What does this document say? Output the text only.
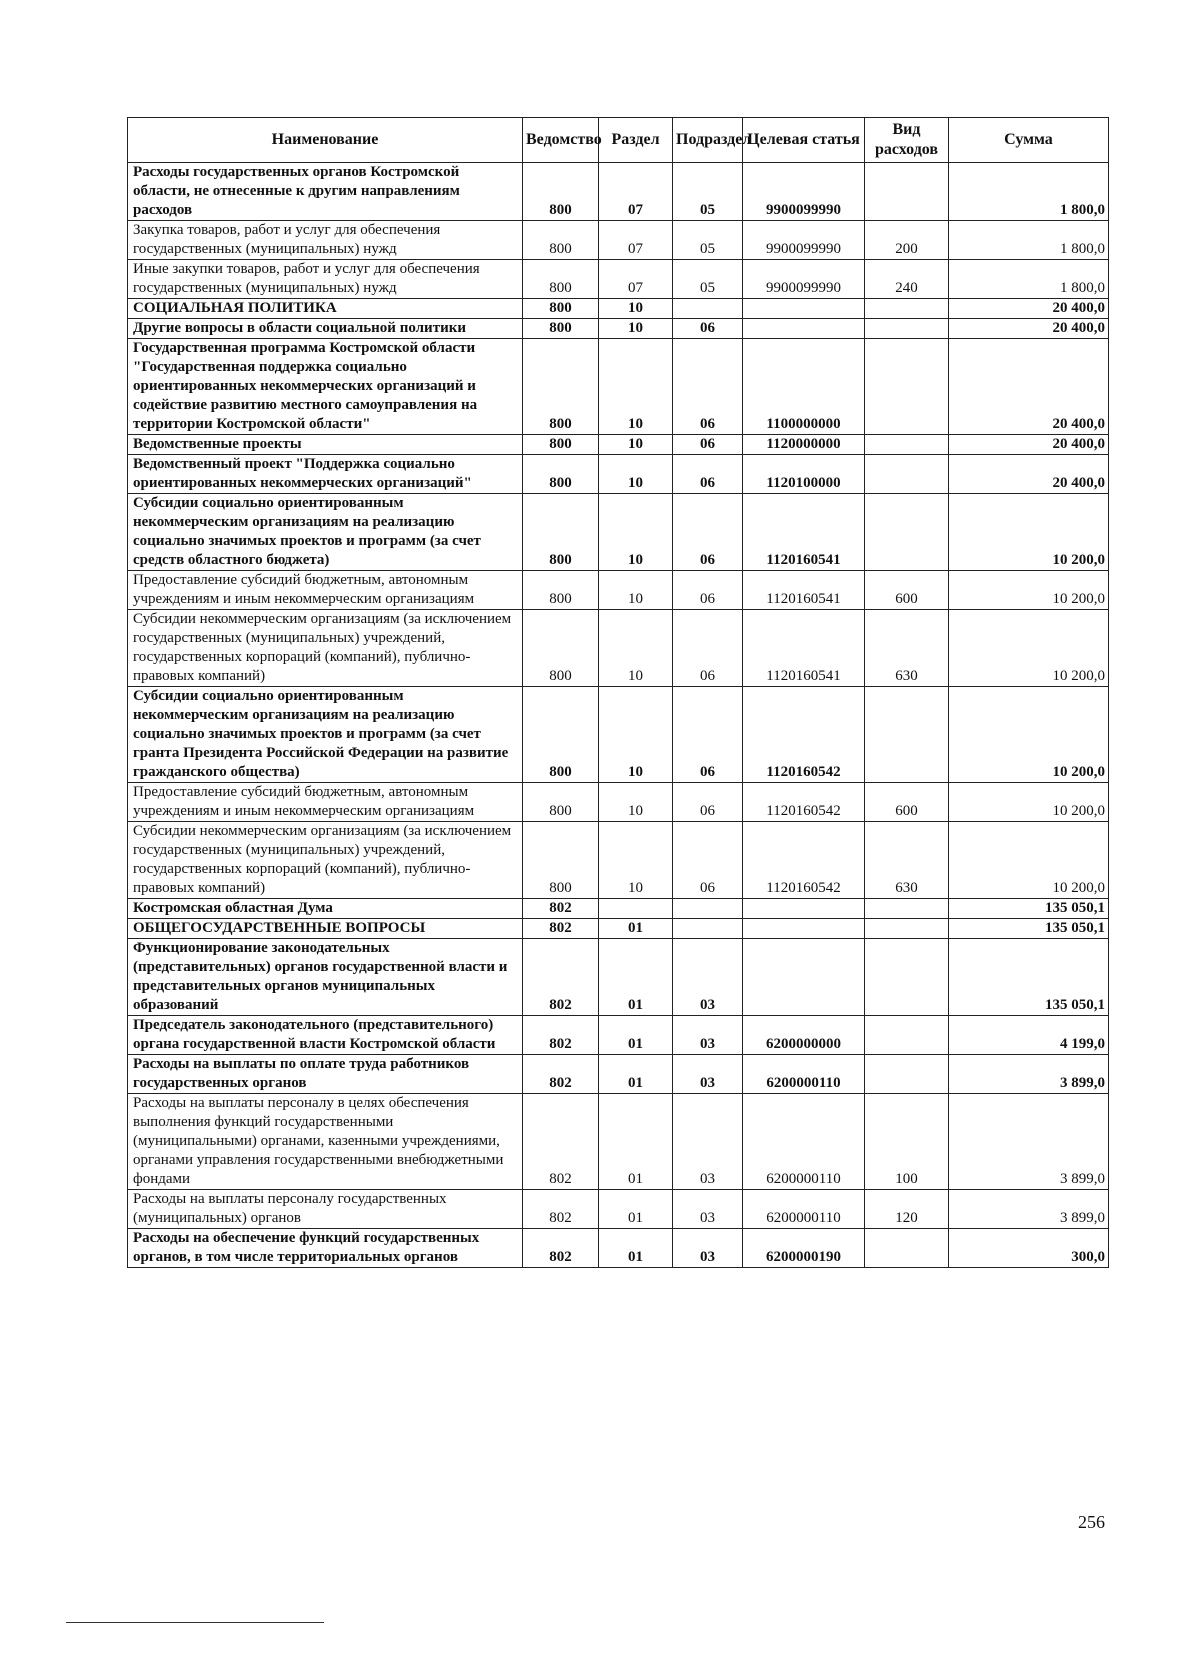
Наименование	Ведомство	Раздел	Подраздел	Целевая статья	Вид расходов	Сумма
Расходы государственных органов Костромской области, не отнесенные к другим направлениям расходов	800	07	05	9900099990		1 800,0
Закупка товаров, работ и услуг для обеспечения государственных (муниципальных) нужд	800	07	05	9900099990	200	1 800,0
Иные закупки товаров, работ и услуг для обеспечения государственных (муниципальных) нужд	800	07	05	9900099990	240	1 800,0
СОЦИАЛЬНАЯ ПОЛИТИКА	800	10				20 400,0
Другие вопросы в области социальной политики	800	10	06			20 400,0
Государственная программа Костромской области "Государственная поддержка социально ориентированных некоммерческих организаций и содействие развитию местного самоуправления на территории Костромской области"	800	10	06	1100000000		20 400,0
Ведомственные проекты	800	10	06	1120000000		20 400,0
Ведомственный проект "Поддержка социально ориентированных некоммерческих организаций"	800	10	06	1120100000		20 400,0
Субсидии социально ориентированным некоммерческим организациям на реализацию социально значимых проектов и программ (за счет средств областного бюджета)	800	10	06	1120160541		10 200,0
Предоставление субсидий бюджетным, автономным учреждениям и иным некоммерческим организациям	800	10	06	1120160541	600	10 200,0
Субсидии некоммерческим организациям (за исключением государственных (муниципальных) учреждений, государственных корпораций (компаний), публично-правовых компаний)	800	10	06	1120160541	630	10 200,0
Субсидии социально ориентированным некоммерческим организациям на реализацию социально значимых проектов и программ (за счет гранта Президента Российской Федерации на развитие гражданского общества)	800	10	06	1120160542		10 200,0
Предоставление субсидий бюджетным, автономным учреждениям и иным некоммерческим организациям	800	10	06	1120160542	600	10 200,0
Субсидии некоммерческим организациям (за исключением государственных (муниципальных) учреждений, государственных корпораций (компаний), публично-правовых компаний)	800	10	06	1120160542	630	10 200,0
Костромская областная Дума	802					135 050,1
ОБЩЕГОСУДАРСТВЕННЫЕ ВОПРОСЫ	802	01				135 050,1
Функционирование законодательных (представительных) органов государственной власти и представительных органов муниципальных образований	802	01	03			135 050,1
Председатель законодательного (представительного) органа государственной власти Костромской области	802	01	03	6200000000		4 199,0
Расходы на выплаты по оплате труда работников государственных органов	802	01	03	6200000110		3 899,0
Расходы на выплаты персоналу в целях обеспечения выполнения функций государственными (муниципальными) органами, казенными учреждениями, органами управления государственными внебюджетными фондами	802	01	03	6200000110	100	3 899,0
Расходы на выплаты персоналу государственных (муниципальных) органов	802	01	03	6200000110	120	3 899,0
Расходы на обеспечение функций государственных органов, в том числе территориальных органов	802	01	03	6200000190		300,0
256
